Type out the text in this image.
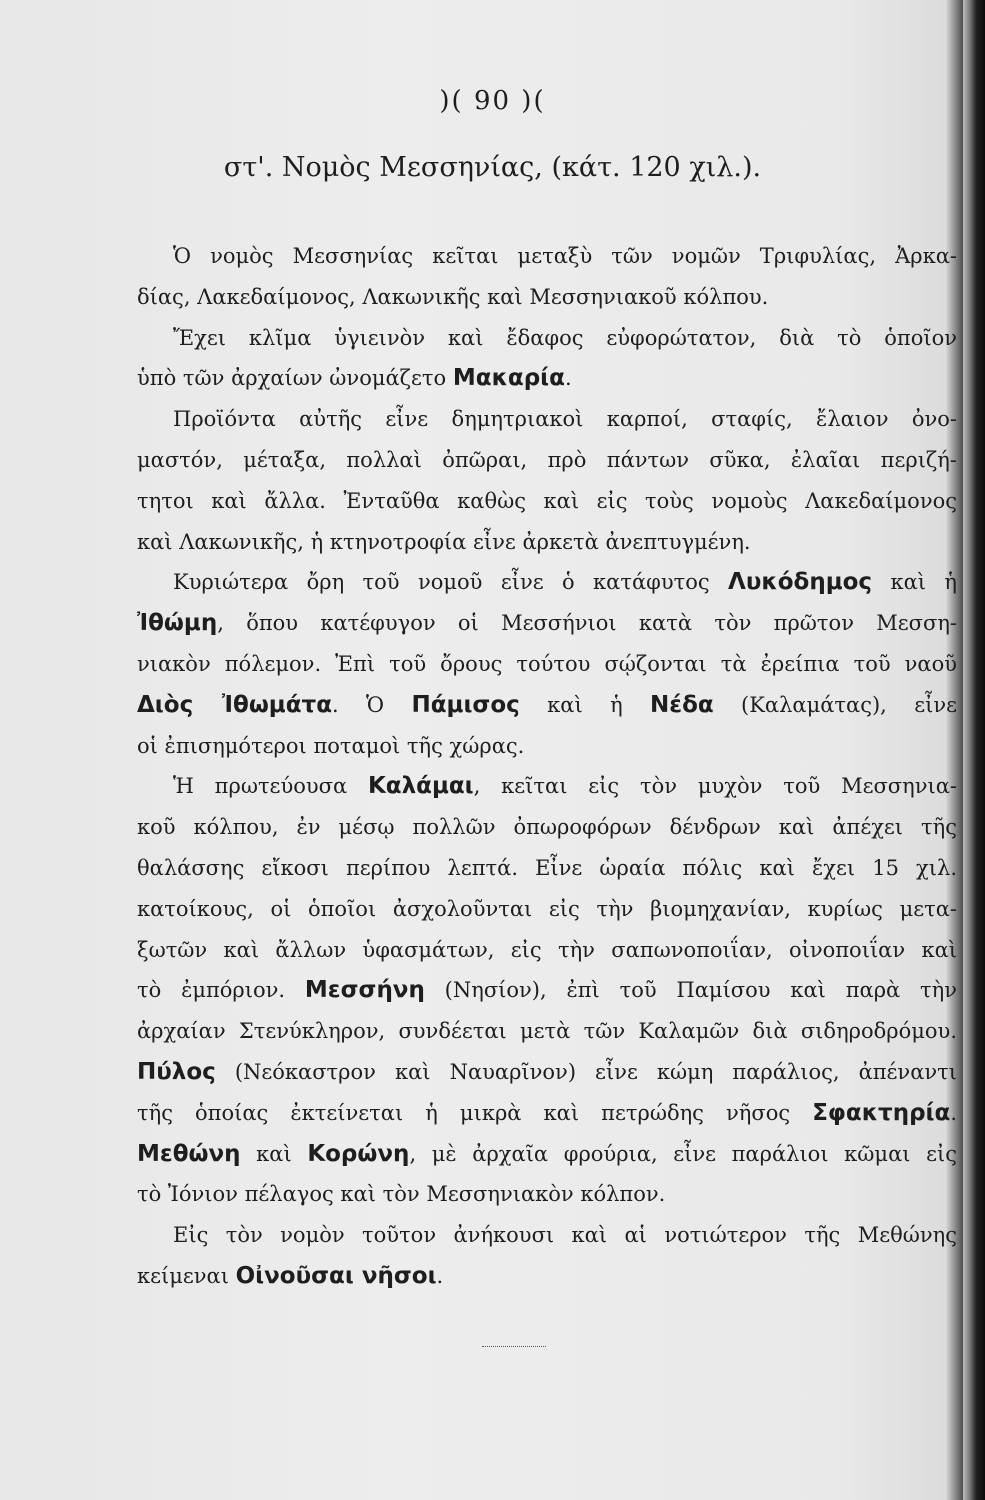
)( 90 )(
στ'. Νομὸς Μεσσηνίας, (κάτ. 120 χιλ.).
Ὁ νομὸς Μεσσηνίας κεῖται μεταξὺ τῶν νομῶν Τριφυλίας, Ἀρκα-
δίας, Λακεδαίμονος, Λακωνικῆς καὶ Μεσσηνιακοῦ κόλπου.
Ἔχει κλῖμα ὑγιεινὸν καὶ ἔδαφος εὐφορώτατον, διὰ τὸ ὁποῖον
ὑπὸ τῶν ἀρχαίων ὠνομάζετο Μακαρία.
Προϊόντα αὐτῆς εἶνε δημητριακοὶ καρποί, σταφίς, ἔλαιον ὀνο-
μαστόν, μέταξα, πολλαὶ ὀπῶραι, πρὸ πάντων σῦκα, ἐλαῖαι περιζή-
τητοι καὶ ἄλλα. Ἐνταῦθα καθὼς καὶ εἰς τοὺς νομοὺς Λακεδαίμονος
καὶ Λακωνικῆς, ἡ κτηνοτροφία εἶνε ἀρκετὰ ἀνεπτυγμένη.
Κυριώτερα ὄρη τοῦ νομοῦ εἶνε ὁ κατάφυτος Λυκόδημος καὶ ἡ
Ἰθώμη, ὅπου κατέφυγον οἱ Μεσσήνιοι κατὰ τὸν πρῶτον Μεσση-
νιακὸν πόλεμον. Ἐπὶ τοῦ ὄρους τούτου σῴζονται τὰ ἐρείπια τοῦ ναοῦ
Διὸς Ἰθωμάτα. Ὁ Πάμισος καὶ ἡ Νέδα (Καλαμάτας), εἶνε
οἱ ἐπισημότεροι ποταμοὶ τῆς χώρας.
Ἡ πρωτεύουσα Καλάμαι, κεῖται εἰς τὸν μυχὸν τοῦ Μεσσηνια-
κοῦ κόλπου, ἐν μέσῳ πολλῶν ὀπωροφόρων δένδρων καὶ ἀπέχει τῆς
θαλάσσης εἴκοσι περίπου λεπτά. Εἶνε ὡραία πόλις καὶ ἔχει 15 χιλ.
κατοίκους, οἱ ὁποῖοι ἀσχολοῦνται εἰς τὴν βιομηχανίαν, κυρίως μετα-
ξωτῶν καὶ ἄλλων ὑφασμάτων, εἰς τὴν σαπωνοποιΐαν, οἰνοποιΐαν καὶ
τὸ ἐμπόριον. Μεσσήνη (Νησίον), ἐπὶ τοῦ Παμίσου καὶ παρὰ τὴν
ἀρχαίαν Στενύκληρον, συνδέεται μετὰ τῶν Καλαμῶν διὰ σιδηροδρόμου.
Πύλος (Νεόκαστρον καὶ Ναυαρῖνον) εἶνε κώμη παράλιος, ἀπέναντι
τῆς ὁποίας ἐκτείνεται ἡ μικρὰ καὶ πετρώδης νῆσος Σφακτηρία.
Μεθώνη καὶ Κορώνη, μὲ ἀρχαῖα φρούρια, εἶνε παράλιοι κῶμαι εἰς
τὸ Ἰόνιον πέλαγος καὶ τὸν Μεσσηνιακὸν κόλπον.
Εἰς τὸν νομὸν τοῦτον ἀνήκουσι καὶ αἱ νοτιώτερον τῆς Μεθώνης
κείμεναι Οἰνοῦσαι νῆσοι.
